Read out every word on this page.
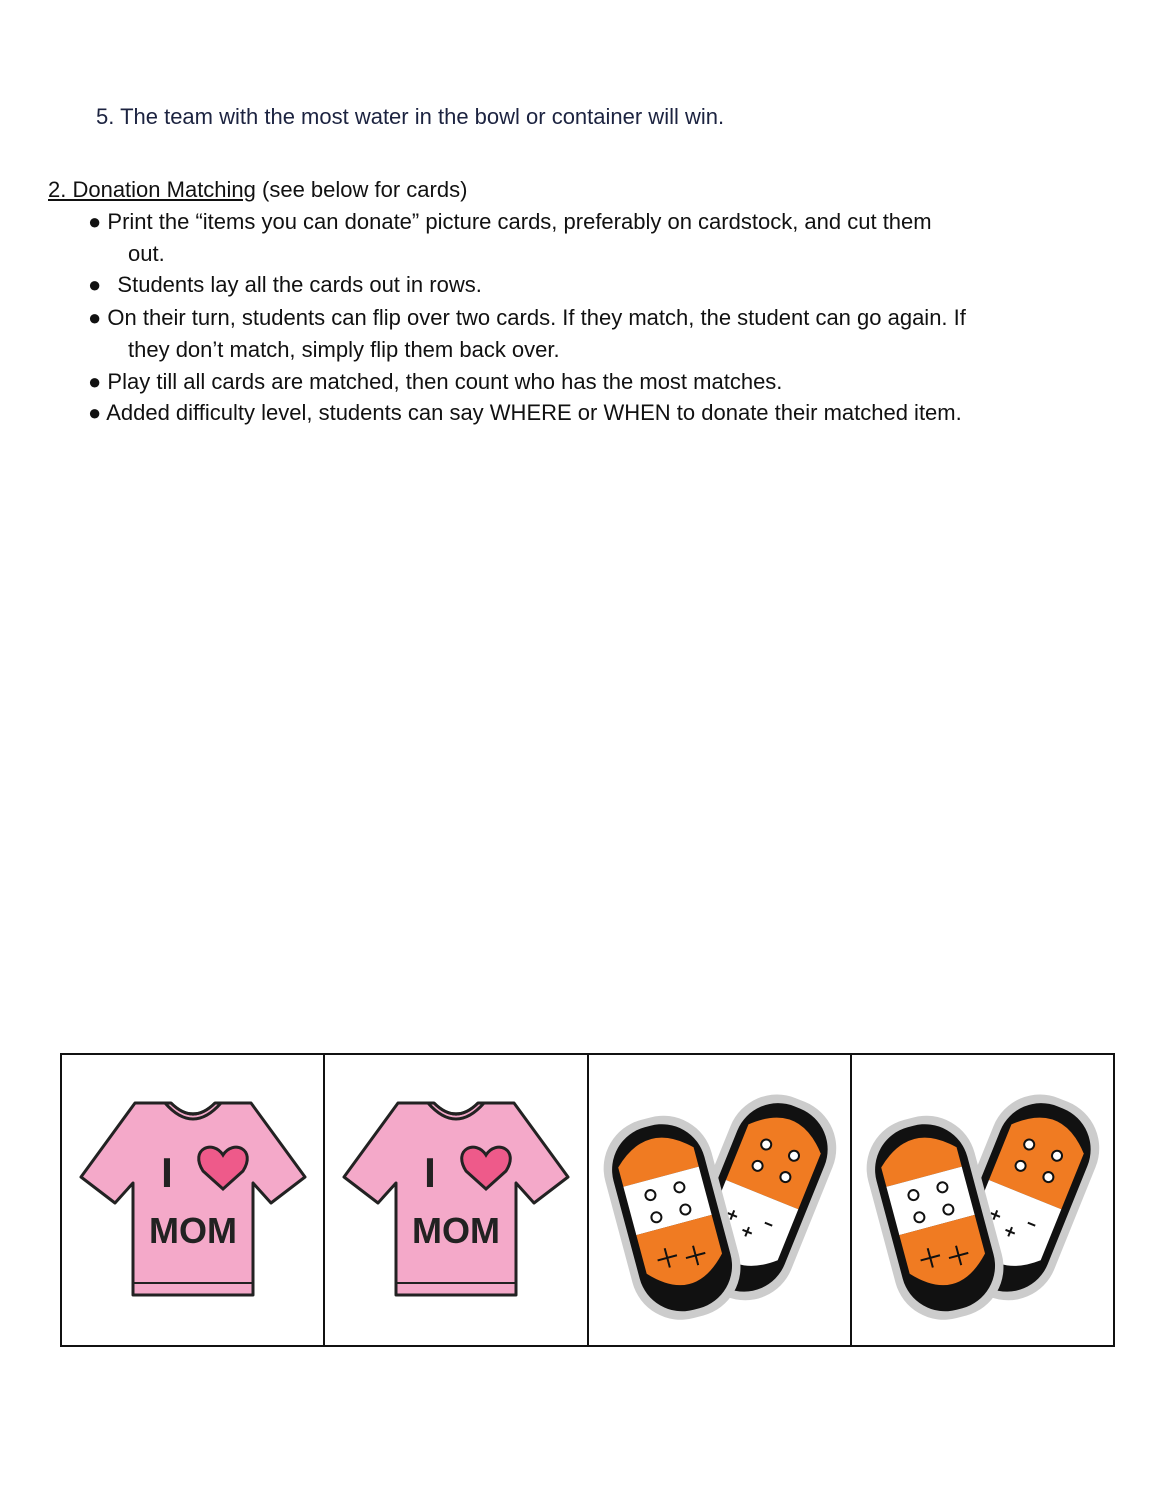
5. The team with the most water in the bowl or container will win.

2. Donation Matching (see below for cards)

● Print the “items you can donate” picture cards, preferably on cardstock, and cut them

out.

● Students lay all the cards out in rows.

● On their turn, students can flip over two cards. If they match, the student can go again. If

they don’t match, simply flip them back over.

● Play till all cards are matched, then count who has the most matches.

● Added difficulty level, students can say WHERE or WHEN to donate their matched item.

I
MOM
I
MOM
